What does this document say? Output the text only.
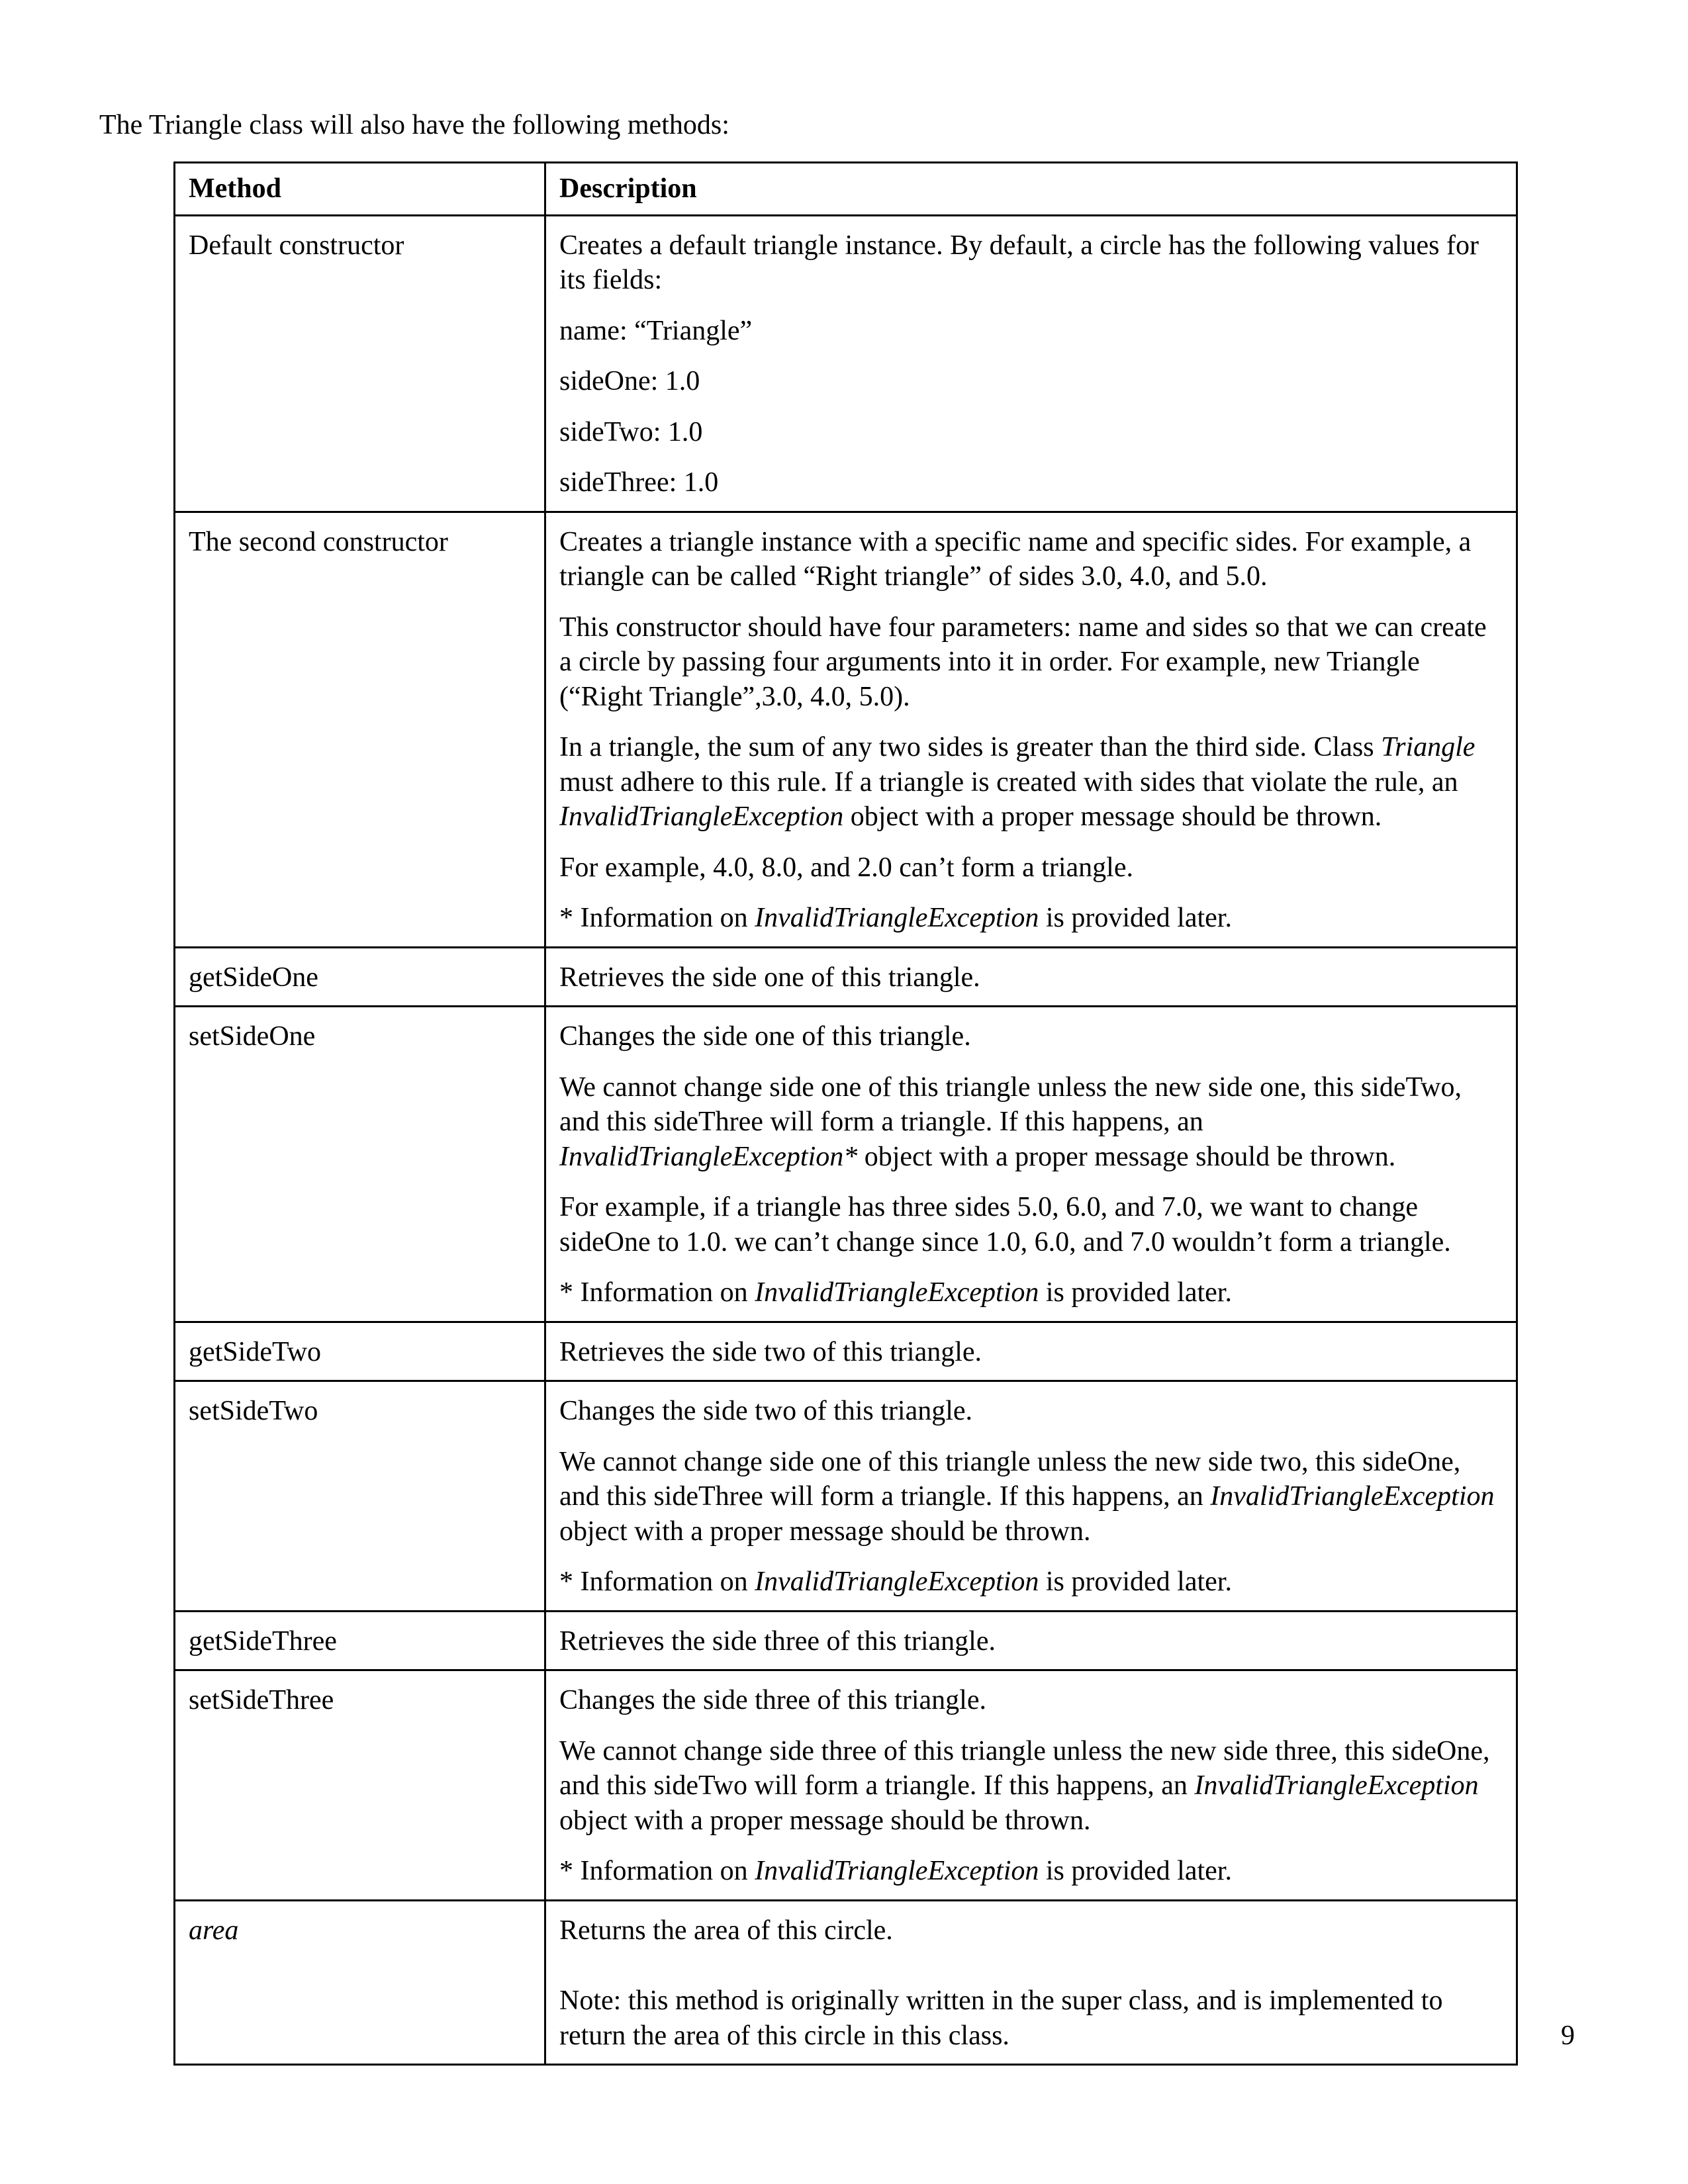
The Triangle class will also have the following methods:

Method	Description
Default constructor	Creates a default triangle instance. By default, a circle has the following values for its fields:

name: “Triangle”

sideOne: 1.0

sideTwo: 1.0

sideThree: 1.0

The second constructor	Creates a triangle instance with a specific name and specific sides. For example, a triangle can be called “Right triangle” of sides 3.0, 4.0, and 5.0.

This constructor should have four parameters: name and sides so that we can create a circle by passing four arguments into it in order. For example, new Triangle (“Right Triangle”,3.0, 4.0, 5.0).

In a triangle, the sum of any two sides is greater than the third side. Class Triangle must adhere to this rule. If a triangle is created with sides that violate the rule, an InvalidTriangleException object with a proper message should be thrown.

For example, 4.0, 8.0, and 2.0 can’t form a triangle.

* Information on InvalidTriangleException is provided later.

getSideOne	Retrieves the side one of this triangle.

setSideOne	Changes the side one of this triangle.

We cannot change side one of this triangle unless the new side one, this sideTwo, and this sideThree will form a triangle. If this happens, an InvalidTriangleException* object with a proper message should be thrown.

For example, if a triangle has three sides 5.0, 6.0, and 7.0, we want to change sideOne to 1.0. we can’t change since 1.0, 6.0, and 7.0 wouldn’t form a triangle.

* Information on InvalidTriangleException is provided later.

getSideTwo	Retrieves the side two of this triangle.

setSideTwo	Changes the side two of this triangle.

We cannot change side one of this triangle unless the new side two, this sideOne, and this sideThree will form a triangle. If this happens, an InvalidTriangleException object with a proper message should be thrown.

* Information on InvalidTriangleException is provided later.

getSideThree	Retrieves the side three of this triangle.

setSideThree	Changes the side three of this triangle.

We cannot change side three of this triangle unless the new side three, this sideOne, and this sideTwo will form a triangle. If this happens, an InvalidTriangleException object with a proper message should be thrown.

* Information on InvalidTriangleException is provided later.

area	Returns the area of this circle.

Note: this method is originally written in the super class, and is implemented to return the area of this circle in this class.	9
